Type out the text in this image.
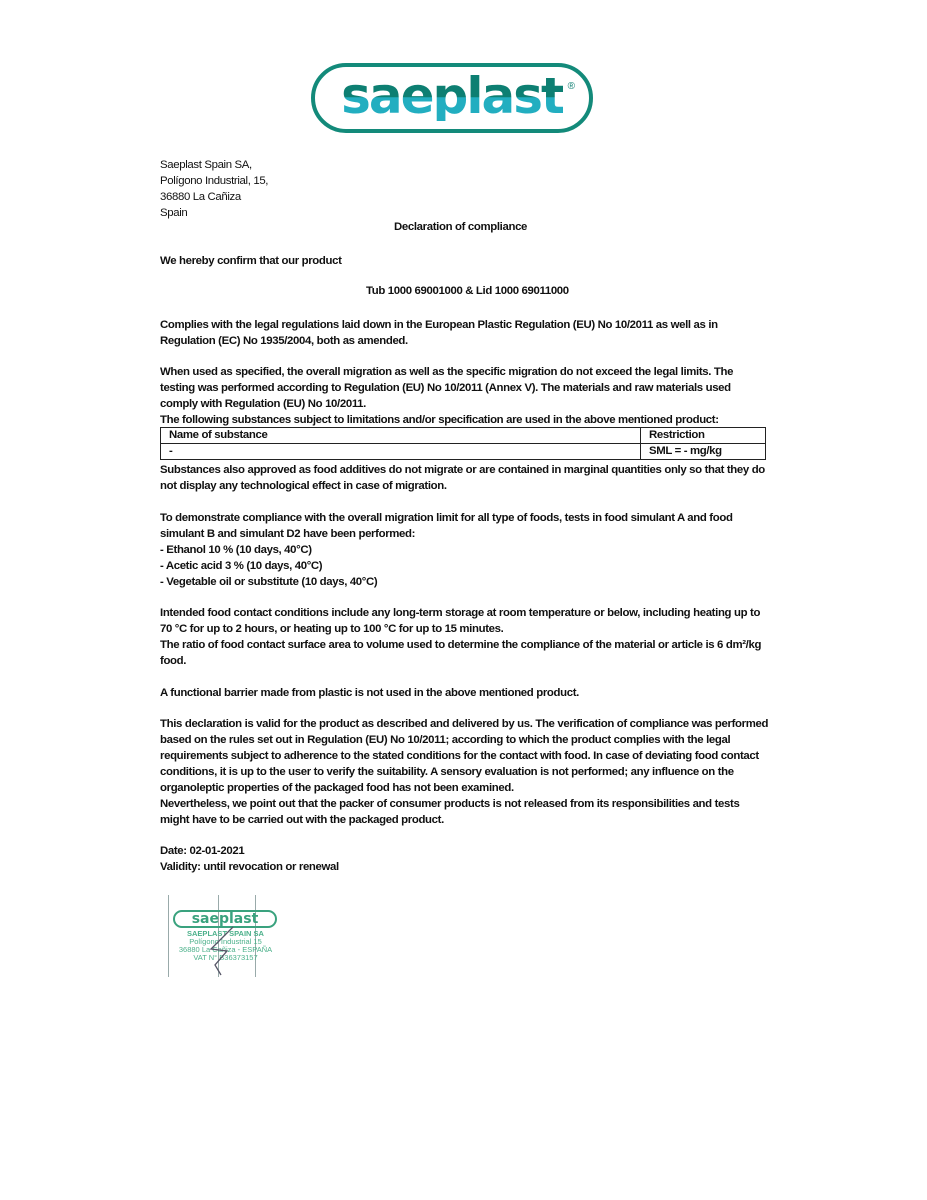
saeplast ®
Saeplast Spain SA,
Polígono Industrial, 15,
36880 La Cañiza
Spain
Declaration of compliance
We hereby confirm that our product
Tub 1000 69001000 & Lid 1000 69011000
Complies with the legal regulations laid down in the European Plastic Regulation (EU) No 10/2011 as well as in Regulation (EC) No 1935/2004, both as amended.
When used as specified, the overall migration as well as the specific migration do not exceed the legal limits. The testing was performed according to Regulation (EU) No 10/2011 (Annex V). The materials and raw materials used comply with Regulation (EU) No 10/2011.
The following substances subject to limitations and/or specification are used in the above mentioned product:
Name of substance	Restriction
-	SML = - mg/kg
Substances also approved as food additives do not migrate or are contained in marginal quantities only so that they do not display any technological effect in case of migration.
To demonstrate compliance with the overall migration limit for all type of foods, tests in food simulant A and food simulant B and simulant D2 have been performed:
- Ethanol 10 % (10 days, 40°C)
- Acetic acid 3 % (10 days, 40°C)
- Vegetable oil or substitute (10 days, 40°C)
Intended food contact conditions include any long-term storage at room temperature or below, including heating up to 70 °C for up to 2 hours, or heating up to 100 °C for up to 15 minutes.
The ratio of food contact surface area to volume used to determine the compliance of the material or article is 6 dm²/kg food.
A functional barrier made from plastic is not used in the above mentioned product.
This declaration is valid for the product as described and delivered by us. The verification of compliance was performed based on the rules set out in Regulation (EU) No 10/2011; according to which the product complies with the legal requirements subject to adherence to the stated conditions for the contact with food. In case of deviating food contact conditions, it is up to the user to verify the suitability. A sensory evaluation is not performed; any influence on the organoleptic properties of the packaged food has not been examined.
Nevertheless, we point out that the packer of consumer products is not released from its responsibilities and tests might have to be carried out with the packaged product.
Date: 02-01-2021
Validity: until revocation or renewal
saeplast
SAEPLAST SPAIN SA
Polígono Industrial 15
36880 La Cañiza - ESPAÑA
VAT N° B36373157
